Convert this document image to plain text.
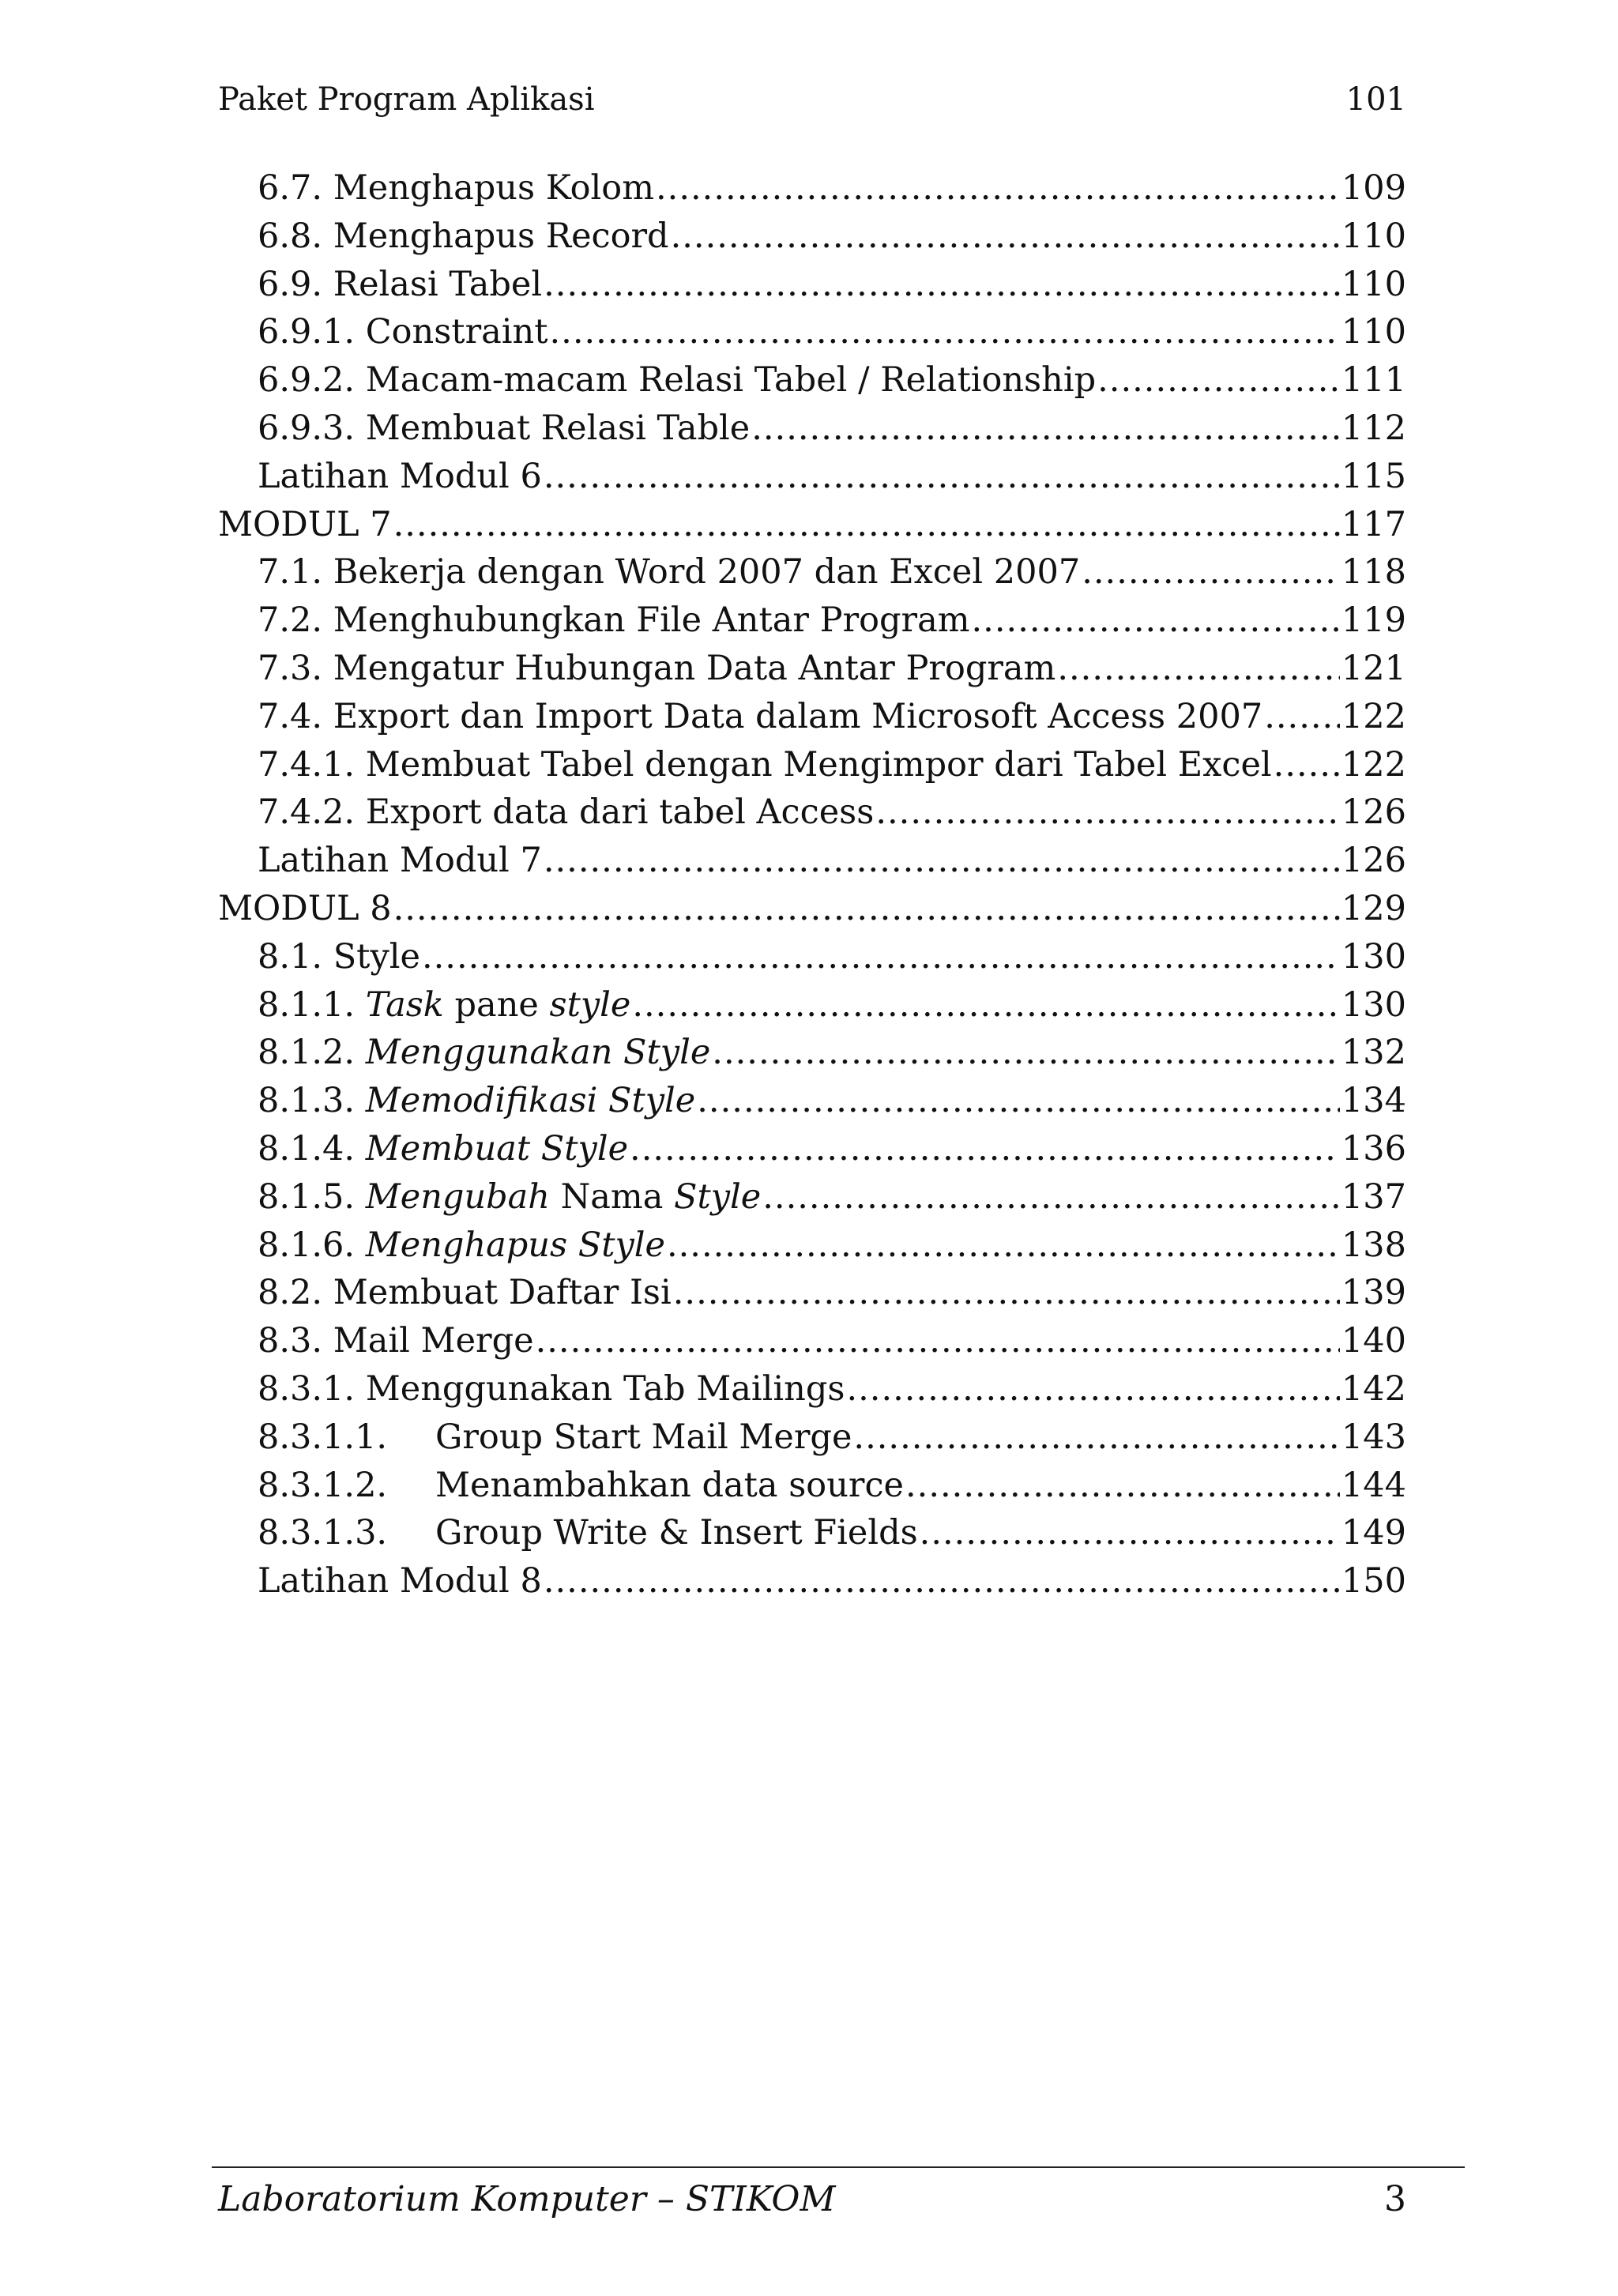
Paket Program Aplikasi	101
6.7. Menghapus Kolom .....	109
6.8. Menghapus Record .....	110
6.9. Relasi Tabel .....	110
6.9.1. Constraint .....	110
6.9.2. Macam-macam Relasi Tabel / Relationship .....	111
6.9.3. Membuat Relasi Table .....	112
Latihan Modul 6 .....	115
MODUL 7 .....	117
7.1. Bekerja dengan Word 2007 dan Excel 2007 .....	118
7.2. Menghubungkan File Antar Program .....	119
7.3. Mengatur Hubungan Data Antar Program .....	121
7.4. Export dan Import Data dalam Microsoft Access 2007 ..... 122
7.4.1. Membuat Tabel dengan Mengimpor dari Tabel Excel ..... 122
7.4.2. Export data dari tabel Access .....	126
Latihan Modul 7 .....	126
MODUL 8 .....	129
8.1. Style .....	130
8.1.1. Task pane style .....	130
8.1.2. Menggunakan Style .....	132
8.1.3. Memodifikasi Style .....	134
8.1.4. Membuat Style .....	136
8.1.5. Mengubah Nama Style .....	137
8.1.6. Menghapus Style .....	138
8.2. Membuat Daftar Isi .....	139
8.3. Mail Merge .....	140
8.3.1. Menggunakan Tab Mailings .....	142
8.3.1.1. Group Start Mail Merge .....	143
8.3.1.2. Menambahkan data source .....	144
8.3.1.3. Group Write & Insert Fields .....	149
Latihan Modul 8 .....	150
Laboratorium Komputer – STIKOM	3
